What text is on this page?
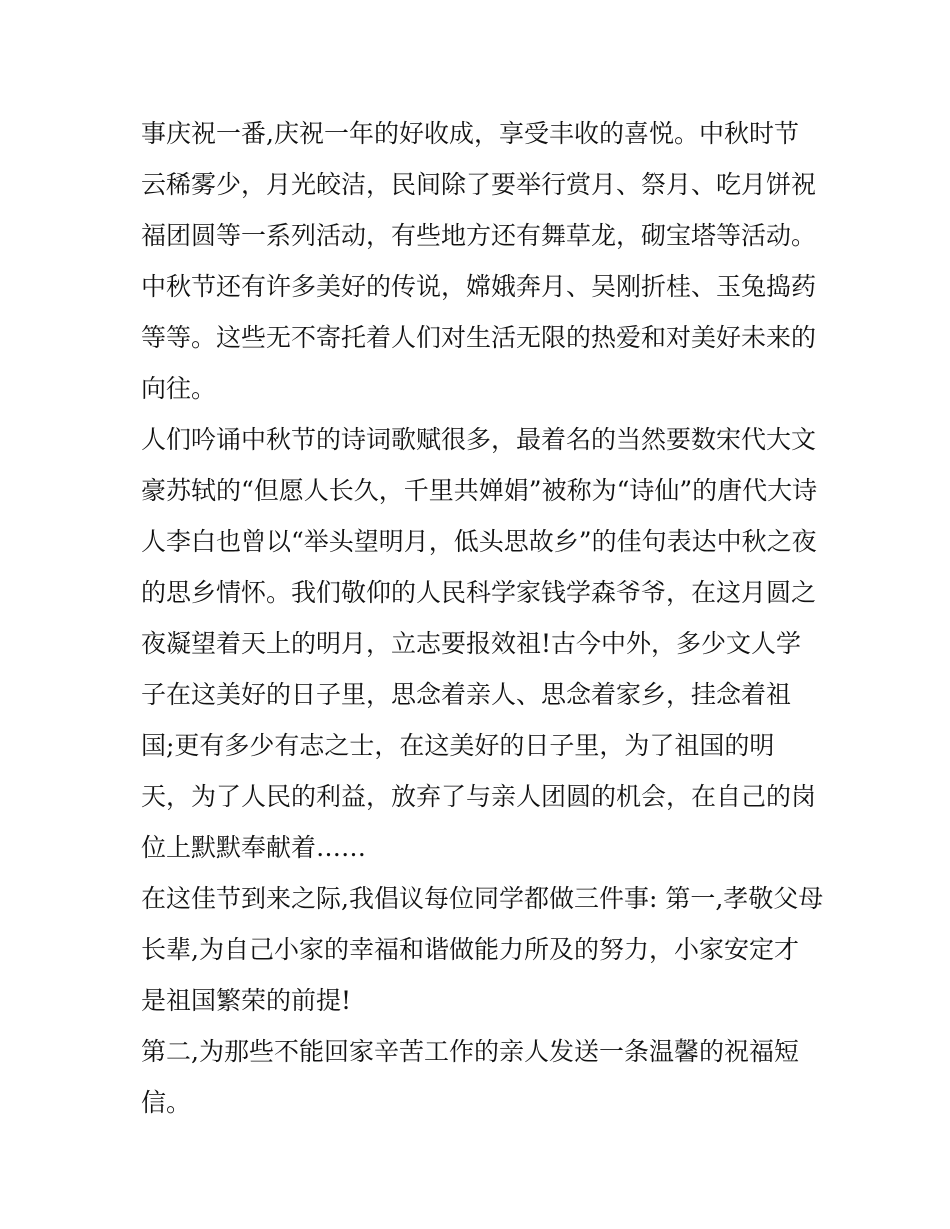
事庆祝一番,庆祝一年的好收成，享受丰收的喜悦。中秋时节
云稀雾少，月光皎洁，民间除了要举行赏月、祭月、吃月饼祝
福团圆等一系列活动，有些地方还有舞草龙，砌宝塔等活动。
中秋节还有许多美好的传说，嫦娥奔月、吴刚折桂、玉兔捣药
等等。这些无不寄托着人们对生活无限的热爱和对美好未来的
向往。
人们吟诵中秋节的诗词歌赋很多，最着名的当然要数宋代大文
豪苏轼的“但愿人长久，千里共婵娟”被称为“诗仙”的唐代大诗
人李白也曾以“举头望明月，低头思故乡”的佳句表达中秋之夜
的思乡情怀。我们敬仰的人民科学家钱学森爷爷，在这月圆之
夜凝望着天上的明月，立志要报效祖!古今中外，多少文人学
子在这美好的日子里，思念着亲人、思念着家乡，挂念着祖
国;更有多少有志之士，在这美好的日子里，为了祖国的明
天，为了人民的利益，放弃了与亲人团圆的机会，在自己的岗
位上默默奉献着……
在这佳节到来之际,我倡议每位同学都做三件事: 第一,孝敬父母
长辈,为自己小家的幸福和谐做能力所及的努力，小家安定才
是祖国繁荣的前提!
第二,为那些不能回家辛苦工作的亲人发送一条温馨的祝福短
信。
